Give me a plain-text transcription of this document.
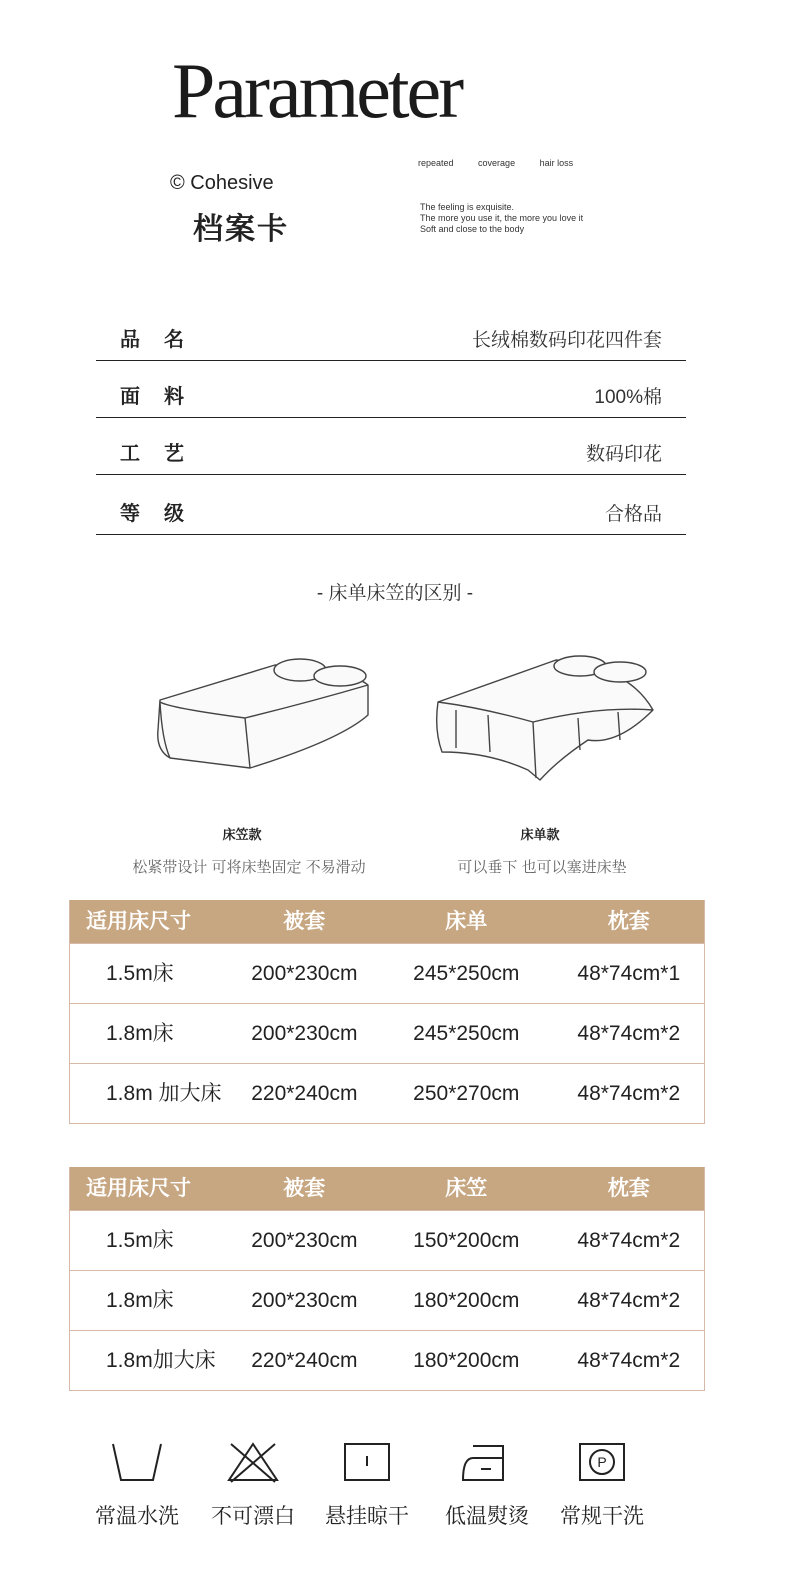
Parameter
© Cohesive
档案卡
repeated	coverage	hair loss
The feeling is exquisite.
The more you use it, the more you love it
Soft and close to the body
品名	长绒棉数码印花四件套
面料	100%棉
工艺	数码印花
等级	合格品
- 床单床笠的区别 -
床笠款
松紧带设计 可将床垫固定 不易滑动
床单款
可以垂下 也可以塞进床垫
适用床尺寸	被套	床单	枕套
1.5m床	200*230cm	245*250cm	48*74cm*1
1.8m床	200*230cm	245*250cm	48*74cm*2
1.8m 加大床	220*240cm	250*270cm	48*74cm*2
适用床尺寸	被套	床笠	枕套
1.5m床	200*230cm	150*200cm	48*74cm*2
1.8m床	200*230cm	180*200cm	48*74cm*2
1.8m加大床	220*240cm	180*200cm	48*74cm*2
常温水洗	不可漂白	悬挂晾干	低温熨烫
P
常规干洗
